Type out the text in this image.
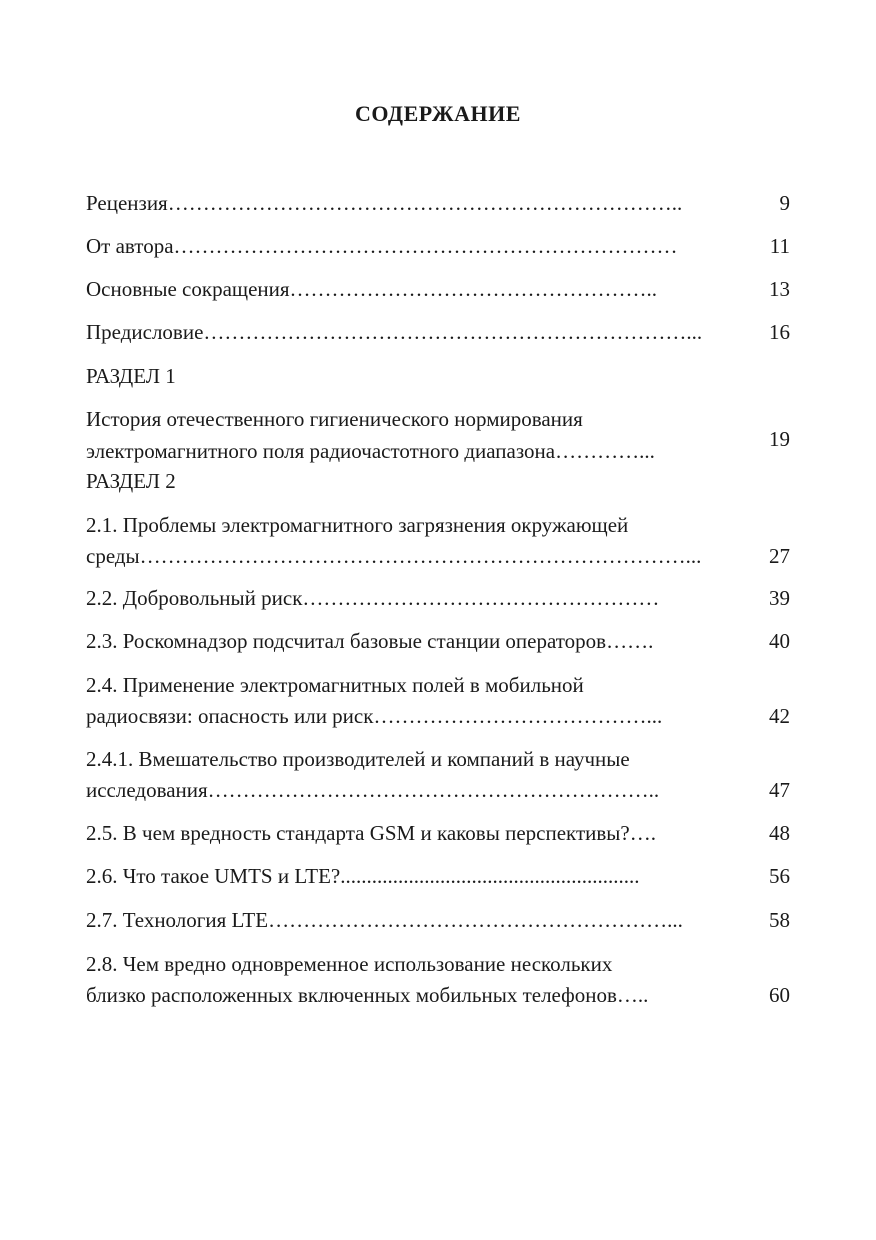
СОДЕРЖАНИЕ
Рецензия………………………………………………………………..	9
От автора………………………………………………………………	11
Основные сокращения……………………………………………..	13
Предисловие……………………………………………………………...	16
РАЗДЕЛ 1
История отечественного гигиенического нормирования
электромагнитного поля радиочастотного диапазона…………...	19
РАЗДЕЛ 2
2.1. Проблемы электромагнитного загрязнения окружающей
среды……………………………………………………………………...	27
2.2. Добровольный риск……………………………………………	39
2.3. Роскомнадзор подсчитал базовые станции операторов…….	40
2.4. Применение электромагнитных полей в мобильной
радиосвязи: опасность или риск…………………………………...	42
2.4.1. Вмешательство производителей и компаний в научные
исследования………………………………………………………..	47
2.5. В чем вредность стандарта GSM и каковы перспективы?….	48
2.6. Что такое UMTS и LTE?.........................................................	56
2.7. Технология LTE…………………………………………………...	58
2.8. Чем вредно одновременное использование нескольких
близко расположенных включенных мобильных телефонов…..	60
